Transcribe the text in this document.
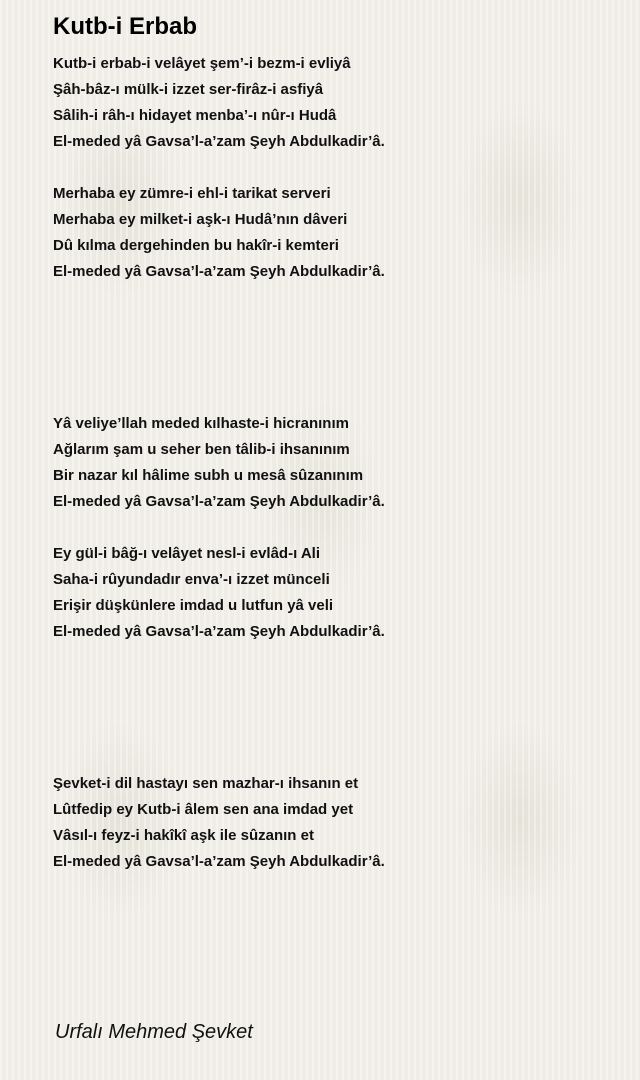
Kutb-i Erbab
Kutb-i erbab-i velâyet şem’-i bezm-i evliyâ
Şâh-bâz-ı mülk-i izzet ser-firâz-i asfiyâ
Sâlih-i râh-ı hidayet menba’-ı nûr-ı Hudâ
El-meded yâ Gavsa’l-a’zam Şeyh Abdulkadir’â.
Merhaba ey zümre-i ehl-i tarikat serveri
Merhaba ey milket-i aşk-ı Hudâ’nın dâveri
Dû kılma dergehinden bu hakîr-i kemteri
El-meded yâ Gavsa’l-a’zam Şeyh Abdulkadir’â.
Yâ veliye’llah meded kılhaste-i hicranınım
Ağlarım şam u seher ben tâlib-i ihsanınım
Bir nazar kıl hâlime subh u mesâ sûzanınım
El-meded yâ Gavsa’l-a’zam Şeyh Abdulkadir’â.
Ey gül-i bâğ-ı velâyet nesl-i evlâd-ı Ali
Saha-i rûyundadır enva’-ı izzet münceli
Erişir düşkünlere imdad u lutfun yâ veli
El-meded yâ Gavsa’l-a’zam Şeyh Abdulkadir’â.
Şevket-i dil hastayı sen mazhar-ı ihsanın et
Lûtfedip ey Kutb-i âlem sen ana imdad yet
Vâsıl-ı feyz-i hakîkî aşk ile sûzanın et
El-meded yâ Gavsa’l-a’zam Şeyh Abdulkadir’â.
Urfalı Mehmed Şevket
